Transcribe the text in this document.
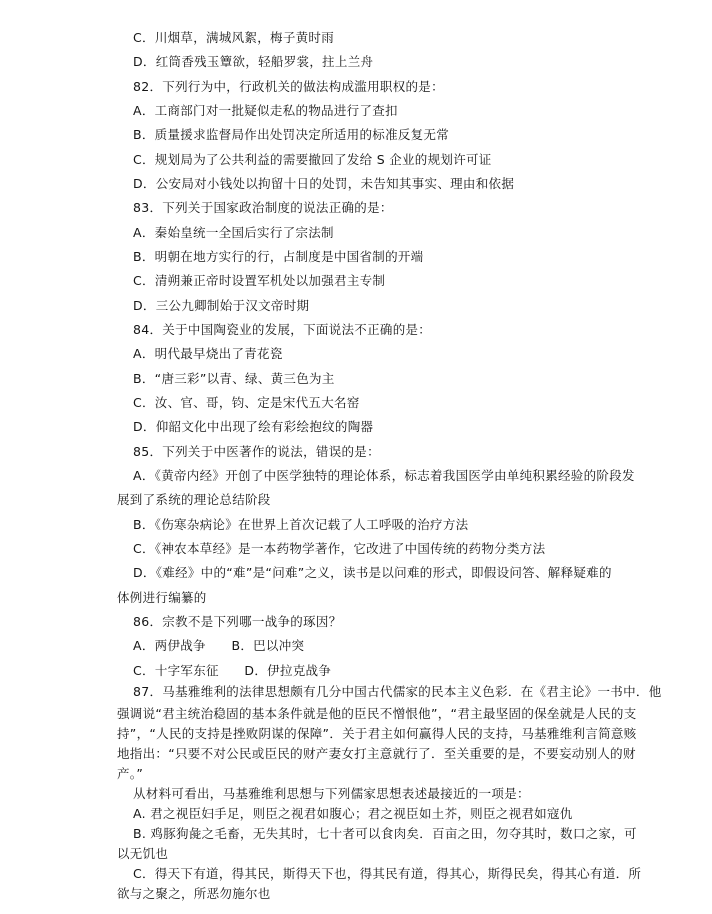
C．川烟草，满城风絮，梅子黄时雨
D．红筒香残玉簟欲，轻船罗裳，拄上兰舟
82．下列行为中，行政机关的做法构成滥用职权的是：
A．工商部门对一批疑似走私的物品进行了查扣
B．质量援求监督局作出处罚决定所适用的标准反复无常
C．规划局为了公共利益的需要撤回了发给 S 企业的规划许可证
D．公安局对小钱处以拘留十日的处罚，未告知其事实、理由和依据
83．下列关于国家政治制度的说法正确的是：
A．秦始皇统一全国后实行了宗法制
B．明朝在地方实行的行，占制度是中国省制的开端
C．清朔兼正帝时设置军机处以加强君主专制
D．三公九卿制始于汉文帝时期
84．关于中国陶瓷业的发展，下面说法不正确的是：
A．明代最早烧出了青花瓷
B．“唐三彩”以青、绿、黄三色为主
C．汝、官、哥，钧、定是宋代五大名窑
D．仰韶文化中出现了绘有彩绘抱纹的陶器
85．下列关于中医著作的说法，错误的是：
A．《黄帝内经》开创了中医学独特的理论体系，标志着我国医学由单纯积累经验的阶段发
展到了系统的理论总结阶段
B．《伤寒杂病论》在世界上首次记载了人工呼吸的治疗方法
C．《神农本草经》是一本药物学著作，它改进了中国传统的药物分类方法
D．《难经》中的“难”是“问难”之义，读书是以问难的形式，即假设问答、解释疑难的
体例进行编纂的
86．宗教不是下列哪一战争的琢因？
A．两伊战争　　B．巴以冲突
C．十字军东征　　D．伊拉克战争
87．马基雅维利的法律思想颇有几分中国古代儒家的民本主义色彩．在《君主论》一书中．他
强调说“君主统治稳固的基本条件就是他的臣民不憎恨他”，“君主最坚固的保垒就是人民的支
持”，“人民的支持是挫败阴谋的保障”．关于君主如何赢得人民的支持，马基雅维利言简意赅
地指出：“只要不对公民或臣民的财产妻女打主意就行了．至关重要的是，不要妄动别人的财
产。”
从材料可看出，马基雅维利思想与下列儒家思想表述最接近的一项是：
A. 君之视臣妇手足，则臣之视君如腹心；君之视臣如土芥，则臣之视君如寇仇
B. 鸡豚狗彘之毛畜，无失其时，七十者可以食肉矣．百亩之田，勿夺其时，数口之家，可
以无饥也
C．得天下有道，得其民，斯得天下也，得其民有道，得其心，斯得民矣，得其心有道．所
欲与之聚之，所恶勿施尔也
